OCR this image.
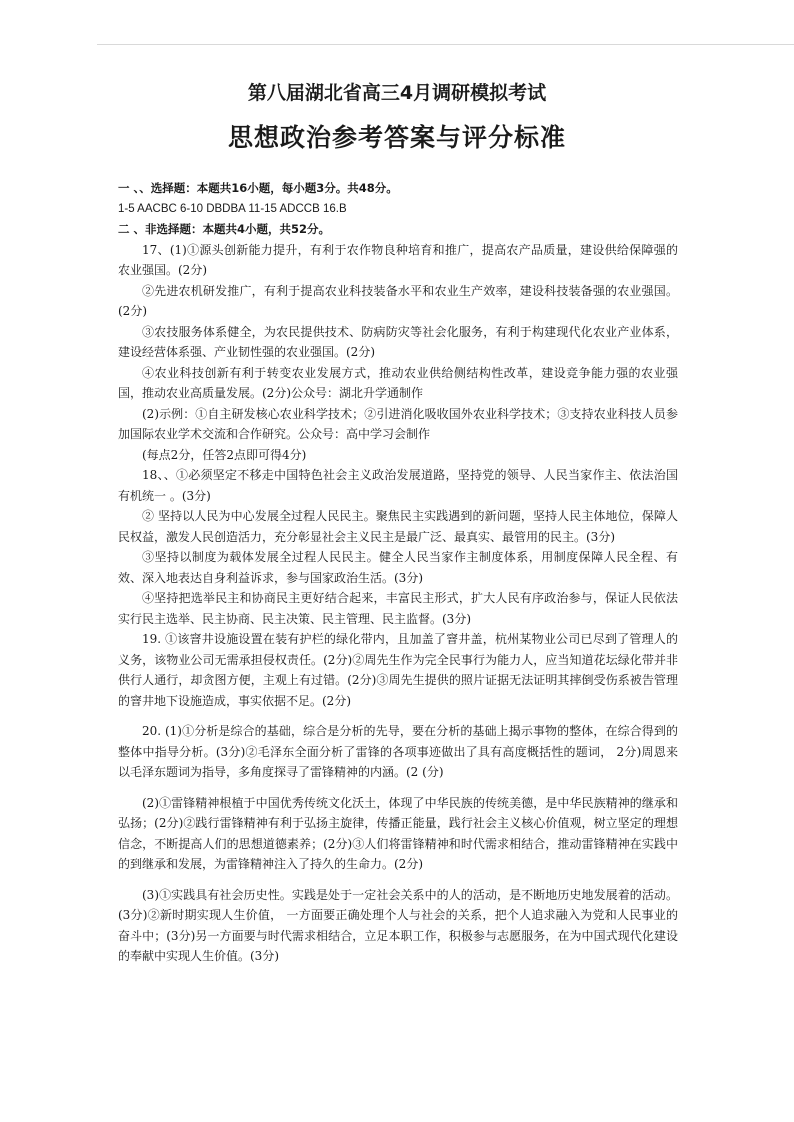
第八届湖北省高三4月调研模拟考试
思想政治参考答案与评分标准

一 、、选择题：本题共16小题，每小题3分。共48分。

1-5 AACBC 6-10 DBDBA 11-15 ADCCB 16.B

二 、非选择题：本题共4小题，共52分。

17、(1)①源头创新能力提升，有利于农作物良种培育和推广，提高农产品质量，建设供给保障强的农业强国。(2分)

②先进农机研发推广，有利于提高农业科技装备水平和农业生产效率，建设科技装备强的农业强国。(2分)

③农技服务体系健全，为农民提供技术、防病防灾等社会化服务，有利于构建现代化农业产业体系，建设经营体系强、产业韧性强的农业强国。(2分)

④农业科技创新有利于转变农业发展方式，推动农业供给侧结构性改革，建设竞争能力强的农业强国，推动农业高质量发展。(2分)公众号：湖北升学通制作

(2)示例：①自主研发核心农业科学技术；②引进消化吸收国外农业科学技术；③支持农业科技人员参加国际农业学术交流和合作研究。公众号：高中学习会制作

(每点2分，任答2点即可得4分)

18、、①必须坚定不移走中国特色社会主义政治发展道路，坚持党的领导、人民当家作主、依法治国有机统一 。(3分)

② 坚持以人民为中心发展全过程人民民主。聚焦民主实践遇到的新问题，坚持人民主体地位，保障人民权益，激发人民创造活力，充分彰显社会主义民主是最广泛、最真实、最管用的民主。(3分)

③坚持以制度为载体发展全过程人民民主。健全人民当家作主制度体系，用制度保障人民全程、有效、深入地表达自身利益诉求，参与国家政治生活。(3分)

④坚持把选举民主和协商民主更好结合起来，丰富民主形式，扩大人民有序政治参与，保证人民依法实行民主选举、民主协商、民主决策、民主管理、民主监督。(3分)

19. ①该窨井设施设置在装有护栏的绿化带内，且加盖了窨井盖，杭州某物业公司已尽到了管理人的义务，该物业公司无需承担侵权责任。(2分)②周先生作为完全民事行为能力人，应当知道花坛绿化带并非供行人通行，却贪图方便，主观上有过错。(2分)③周先生提供的照片证据无法证明其摔倒受伤系被告管理的窨井地下设施造成，事实依据不足。(2分)

20. (1)①分析是综合的基础，综合是分析的先导，要在分析的基础上揭示事物的整体，在综合得到的整体中指导分析。(3分)②毛泽东全面分析了雷锋的各项事迹做出了具有高度概括性的题词， 2分)周恩来以毛泽东题词为指导，多角度探寻了雷锋精神的内涵。(2 (分)

(2)①雷锋精神根植于中国优秀传统文化沃土，体现了中华民族的传统美德，是中华民族精神的继承和弘扬；(2分)②践行雷锋精神有利于弘扬主旋律，传播正能量，践行社会主义核心价值观，树立坚定的理想信念，不断提高人们的思想道德素养；(2分)③人们将雷锋精神和时代需求相结合，推动雷锋精神在实践中的到继承和发展，为雷锋精神注入了持久的生命力。(2分)

(3)①实践具有社会历史性。实践是处于一定社会关系中的人的活动，是不断地历史地发展着的活动。(3分)②新时期实现人生价值， 一方面要正确处理个人与社会的关系，把个人追求融入为党和人民事业的奋斗中；(3分)另一方面要与时代需求相结合，立足本职工作，积极参与志愿服务，在为中国式现代化建设的奉献中实现人生价值。(3分)
